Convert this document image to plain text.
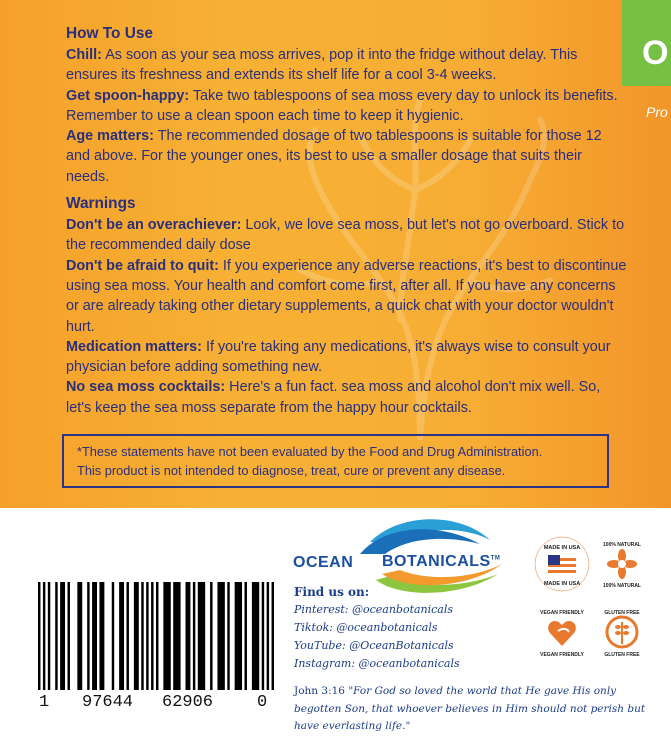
O
Pro
How To Use

Chill: As soon as your sea moss arrives, pop it into the fridge without delay. This ensures its freshness and extends its shelf life for a cool 3-4 weeks.

Get spoon-happy: Take two tablespoons of sea moss every day to unlock its benefits. Remember to use a clean spoon each time to keep it hygienic.

Age matters: The recommended dosage of two tablespoons is suitable for those 12 and above. For the younger ones, its best to use a smaller dosage that suits their needs.

Warnings

Don't be an overachiever: Look, we love sea moss, but let's not go overboard. Stick to the recommended daily dose

Don't be afraid to quit: If you experience any adverse reactions, it's best to discontinue using sea moss. Your health and comfort come first, after all. If you have any concerns or are already taking other dietary supplements, a quick chat with your doctor wouldn't hurt.

Medication matters: If you're taking any medications, it's always wise to consult your physician before adding something new.

No sea moss cocktails: Here's a fun fact. sea moss and alcohol don't mix well. So, let's keep the sea moss separate from the happy hour cocktails.

*These statements have not been evaluated by the Food and Drug Administration.
This product is not intended to diagnose, treat, cure or prevent any disease.
1 97644 62906	0
OCEAN BOTANICALS™
Find us on:
Pinterest: @oceanbotanicals
Tiktok: @oceanbotanicals
YouTube: @OceanBotanicals
Instagram: @oceanbotanicals
John 3:16 "For God so loved the world that He gave His only begotten Son, that whoever believes in Him should not perish but have everlasting life."
MADE IN USA
MADE IN USA
100% NATURAL
100% NATURAL
VEGAN FRIENDLY
VEGAN FRIENDLY
GLUTEN FREE
GLUTEN FREE
